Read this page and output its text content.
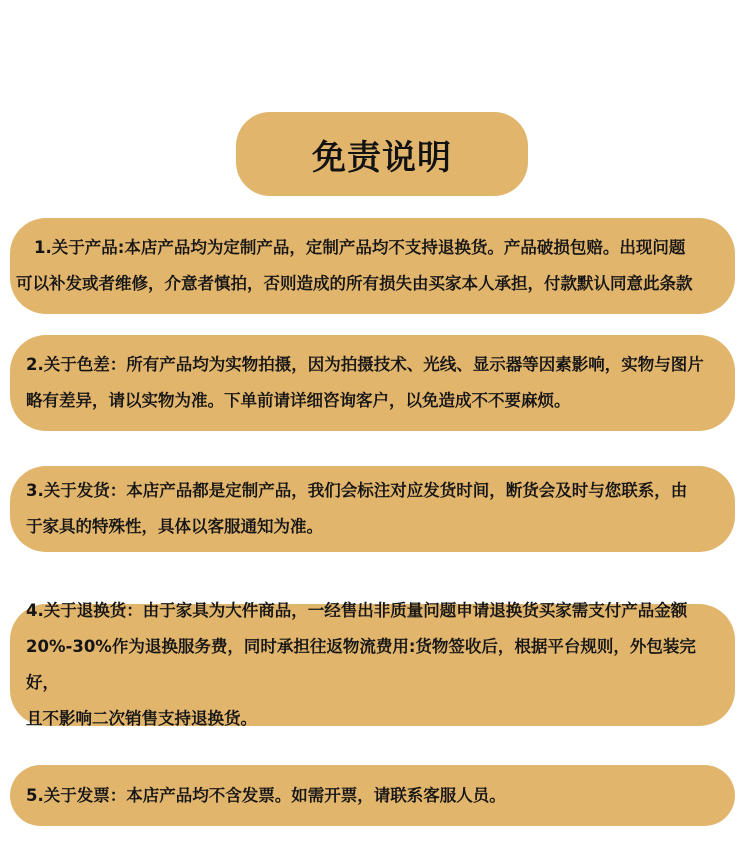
免责说明

1.关于产品:本店产品均为定制产品，定制产品均不支持退换货。产品破损包赔。出现问题
可以补发或者维修，介意者慎拍，否则造成的所有损失由买家本人承担，付款默认同意此条款

2.关于色差：所有产品均为实物拍摄，因为拍摄技术、光线、显示器等因素影响，实物与图片
略有差异，请以实物为准。下单前请详细咨询客户，以免造成不不要麻烦。

3.关于发货：本店产品都是定制产品，我们会标注对应发货时间，断货会及时与您联系，由
于家具的特殊性，具体以客服通知为准。

4.关于退换货：由于家具为大件商品，一经售出非质量问题申请退换货买家需支付产品金额
20%-30%作为退换服务费，同时承担往返物流费用:货物签收后，根据平台规则，外包装完好，
且不影响二次销售支持退换货。

5.关于发票：本店产品均不含发票。如需开票，请联系客服人员。
